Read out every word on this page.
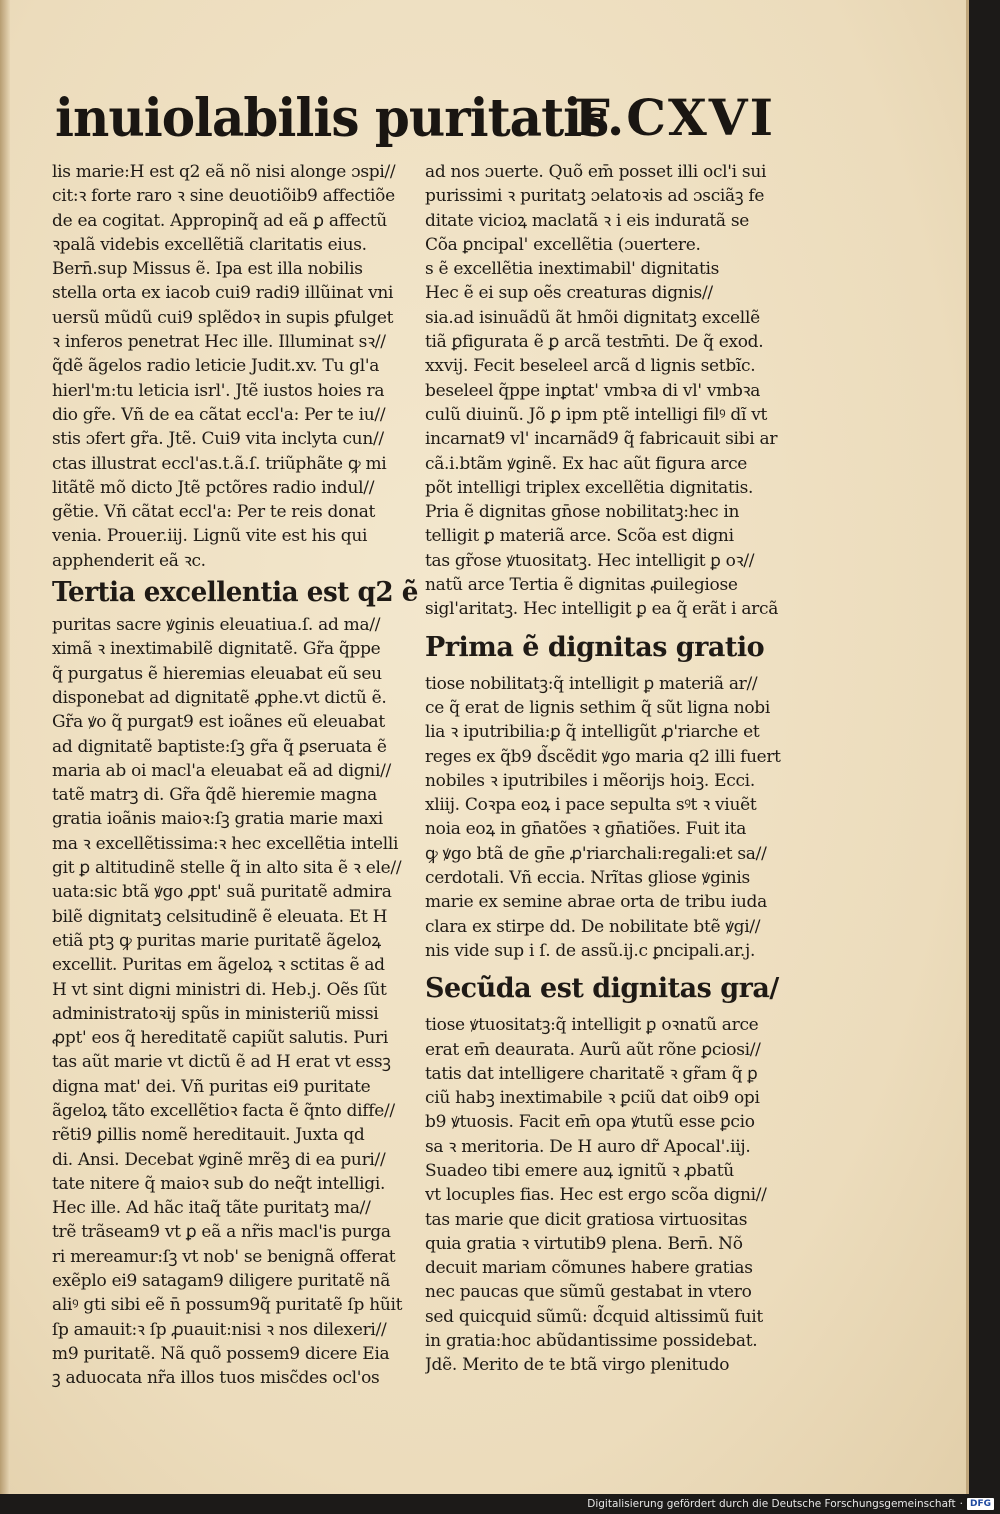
inuiolabilis puritatis
F.CXVI
lis marie:H est q2 eã nõ nisi alonge ɔspi//
cit:ꝛ forte raro ꝛ sine deuotiõib9 affectiõe
de ea cogitat. Appropinq̃ ad eã ꝑ affectũ
ꝛpalã videbis excellẽtiã claritatis eius.
Bern̄.sup Missus ẽ. Ipa est illa nobilis
stella orta ex iacob cui9 radi9 illũinat vni
uersũ mũdũ cui9 splẽdoꝛ in supis ꝑfulget
ꝛ inferos penetrat Hec ille. Illuminat sꝛ//
q̃dẽ ãgelos radio leticie Judit.xv. Tu gl'a
hierl'm:tu leticia isrl'. Jtẽ iustos hoies ra
dio gr̃e. Vñ de ea cãtat eccl'a: Per te iu//
stis ɔfert gr̃a. Jtẽ. Cui9 vita inclyta cun//
ctas illustrat eccl'as.t.ã.ſ. triũphãte ꝙ mi
litãtẽ mõ dicto Jtẽ pctõres radio indul//
gẽtie. Vñ cãtat eccl'a: Per te reis donat
venia. Prouer.iij. Lignũ vite est his qui
apphenderit eã ꝛc.
Tertia excellentia est q2 ẽ
puritas sacre ꝟginis eleuatiua.ſ. ad ma//
ximã ꝛ inextimabilẽ dignitatẽ. Gr̃a q̃ppe
q̃ purgatus ẽ hieremias eleuabat eũ seu
disponebat ad dignitatẽ ꝓphe.vt dictũ ẽ.
Gr̃a ꝟo q̃ purgat9 est ioãnes eũ eleuabat
ad dignitatẽ baptiste:ſꝫ gr̃a q̃ ꝑseruata ẽ
maria ab oi macl'a eleuabat eã ad digni//
tatẽ matrꝫ di. Gr̃a q̃dẽ hieremie magna
gratia ioãnis maioꝛ:ſꝫ gratia marie maxi
ma ꝛ excellẽtissima:ꝛ hec excellẽtia intelli
git ꝑ altitudinẽ stelle q̃ in alto sita ẽ ꝛ ele//
uata:sic btã ꝟgo ꝓpt' suã puritatẽ admira
bilẽ dignitatꝫ celsitudinẽ ẽ eleuata. Et H
etiã ptꝫ ꝙ puritas marie puritatẽ ãgeloꝝ
excellit. Puritas em ãgeloꝝ ꝛ sctitas ẽ ad
H vt sint digni ministri di. Heb.j. Oẽs ſũt
administratoꝛij spũs in ministeriũ missi
ꝓpt' eos q̃ hereditatẽ capiũt salutis. Puri
tas aũt marie vt dictũ ẽ ad H erat vt essꝫ
digna mat' dei. Vñ puritas ei9 puritate
ãgeloꝝ tãto excellẽtioꝛ facta ẽ q̃nto diffe//
rẽti9 ꝑillis nomẽ hereditauit. Juxta qd
di. Ansi. Decebat ꝟginẽ mrẽꝫ di ea puri//
tate nitere q̃ maioꝛ sub do neq̃t intelligi.
Hec ille. Ad hãc itaq̃ tãte puritatꝫ ma//
trẽ trãseam9 vt ꝑ eã a nr̃is macl'is purga
ri mereamur:ſꝫ vt nob' se benignã offerat
exẽplo ei9 satagam9 diligere puritatẽ nã
aliꝰ gti sibi eẽ n̄ possum9q̃ puritatẽ ſp hũit
ſp amauit:ꝛ ſp ꝓuauit:nisi ꝛ nos dilexeri//
m9 puritatẽ. Nã quõ possem9 dicere Eia
ꝫ aduocata nr̃a illos tuos misc̃des ocl'os
ad nos ɔuerte. Quõ em̄ posset illi ocl'i sui
purissimi ꝛ puritatꝫ ɔelatoꝛis ad ɔsciãꝫ fe
ditate vicioꝝ maclatã ꝛ i eis induratã se
Cõa ꝑncipal' excellẽtia (ɔuertere.
s ẽ excellẽtia inextimabil' dignitatis
Hec ẽ ei sup oẽs creaturas dignis//
sia.ad isinuãdũ ãt hmõi dignitatꝫ excellẽ
tiã ꝑfigurata ẽ ꝑ arcã testm̄ti. De q̃ exod.
xxvij. Fecit beseleel arcã d lignis setbĩc.
beseleel q̃ppe inꝑtat' vmbꝛa di vl' vmbꝛa
culũ diuinũ. Jõ ꝑ ipm ptẽ intelligi filꝰ dĩ vt
incarnat9 vl' incarnãd9 q̃ fabricauit sibi ar
cã.i.btãm ꝟginẽ. Ex hac aũt figura arce
põt intelligi triplex excellẽtia dignitatis.
Pria ẽ dignitas gn̄ose nobilitatꝫ:hec in
telligit ꝑ materiã arce. Scõa est digni
tas gr̃ose ꝟtuositatꝫ. Hec intelligit ꝑ oꝛ//
natũ arce Tertia ẽ dignitas ꝓuilegiose
sigl'aritatꝫ. Hec intelligit ꝑ ea q̃ erãt i arcã
Prima ẽ dignitas gratio
tiose nobilitatꝫ:q̃ intelligit ꝑ materiã ar//
ce q̃ erat de lignis sethim q̃ sũt ligna nobi
lia ꝛ iputribilia:ꝑ q̃ intelligũt ꝓ'riarche et
reges ex q̃b9 d̃scẽdit ꝟgo maria q2 illi fuert
nobiles ꝛ iputribiles i mẽorijs hoiꝫ. Ecci.
xliij. Coꝛpa eoꝝ i pace sepulta sꝰt ꝛ viuẽt
noia eoꝝ in gn̄atões ꝛ gn̄atiões. Fuit ita
ꝙ ꝟgo btã de gn̄e ꝓ'riarchali:regali:et sa//
cerdotali. Vñ eccia. Nrĩtas gliose ꝟginis
marie ex semine abrae orta de tribu iuda
clara ex stirpe dd. De nobilitate btẽ ꝟgi//
nis vide sup i ſ. de assũ.ij.c ꝑncipali.ar.j.
Secũda est dignitas gra/
tiose ꝟtuositatꝫ:q̃ intelligit ꝑ oꝛnatũ arce
erat em̄ deaurata. Aurũ aũt rõne ꝑciosi//
tatis dat intelligere charitatẽ ꝛ gr̃am q̃ ꝑ
ciũ habꝫ inextimabile ꝛ ꝑciũ dat oib9 opi
b9 ꝟtuosis. Facit em̄ opa ꝟtutũ esse ꝑcio
sa ꝛ meritoria. De H auro dr̃ Apocal'.iij.
Suadeo tibi emere auꝝ ignitũ ꝛ ꝓbatũ
vt locuples fias. Hec est ergo scõa digni//
tas marie que dicit gratiosa virtuositas
quia gratia ꝛ virtutib9 plena. Bern̄. Nõ
decuit mariam cõmunes habere gratias
nec paucas que sũmũ gestabat in vtero
sed quicquid sũmũ: d̃cquid altissimũ fuit
in gratia:hoc abũdantissime possidebat.
Jdẽ. Merito de te btã virgo plenitudo
Digitalisierung gefördert durch die Deutsche Forschungsgemeinschaft · DFG
